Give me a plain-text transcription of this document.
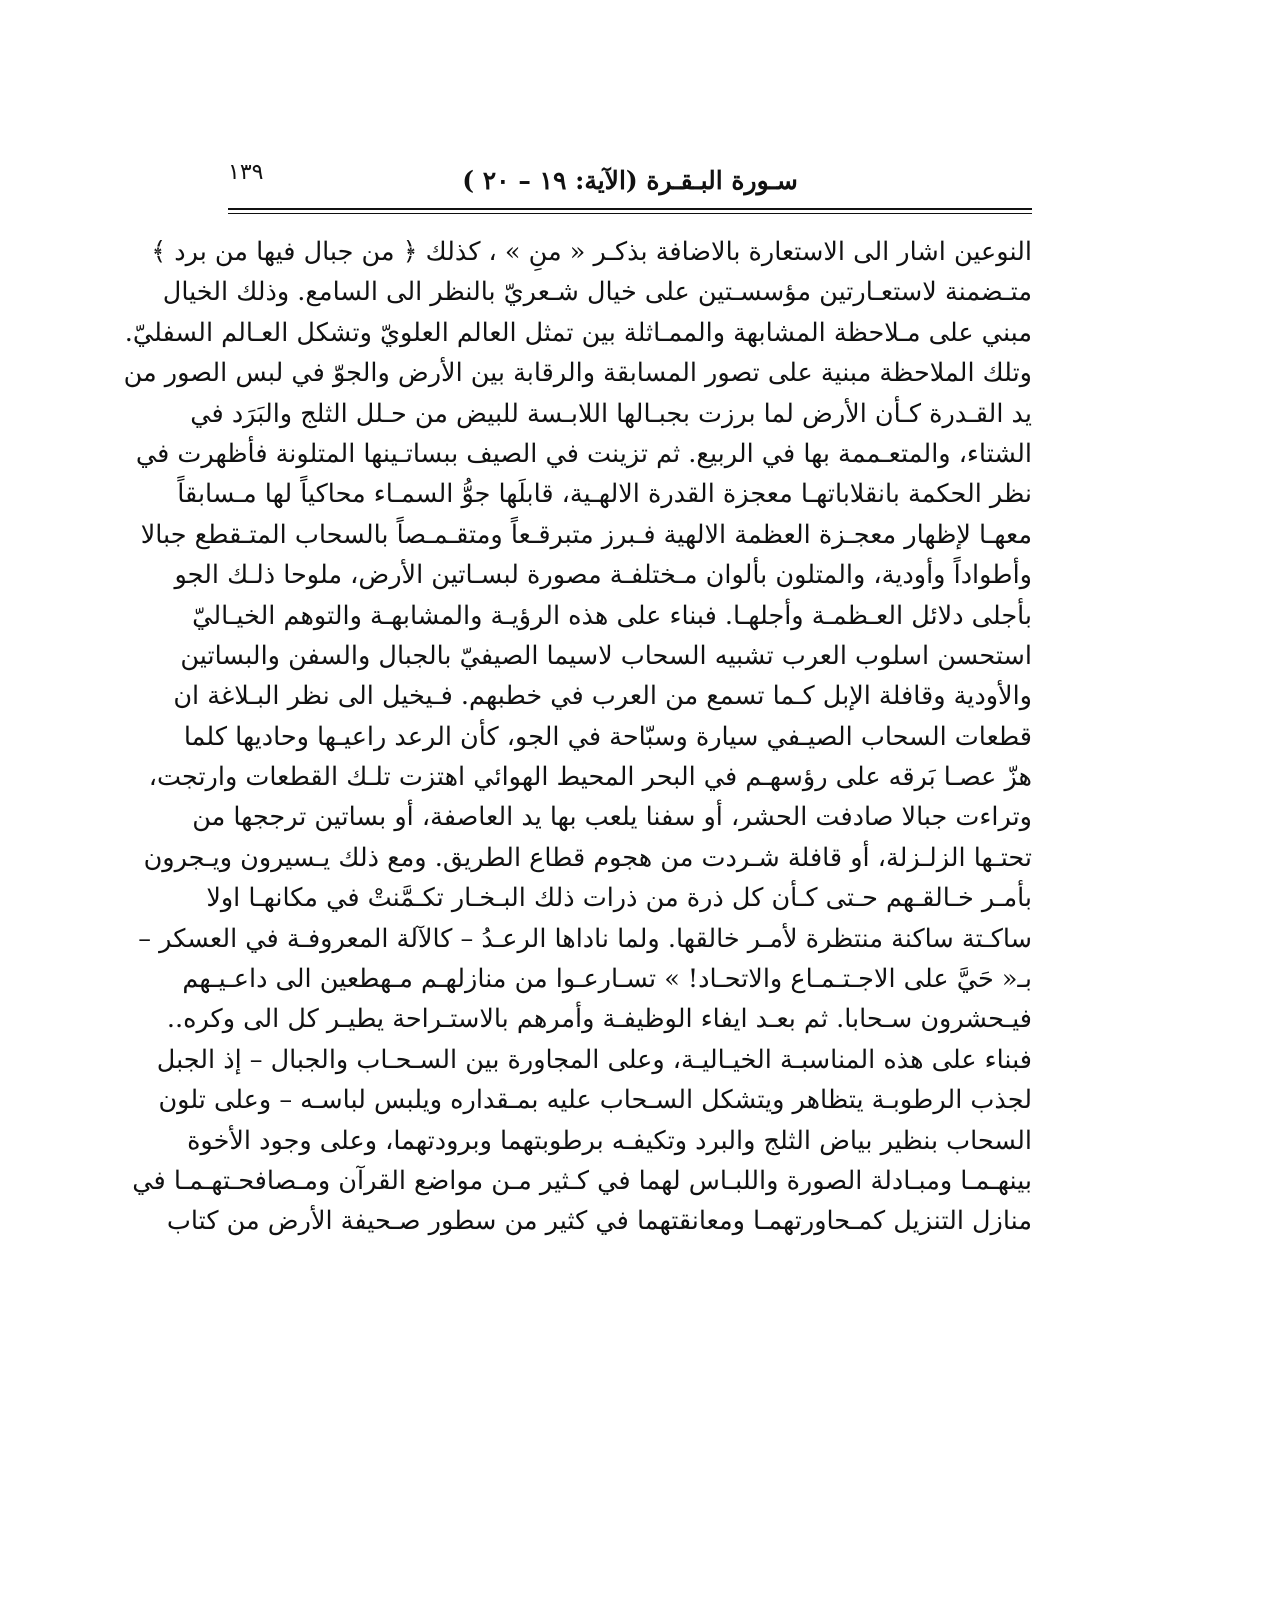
١٣٩	سـورة البـقـرة (الآية: ١٩ – ٢٠ )
النوعين اشار الى الاستعارة بالاضافة بذكـر « منِ » ، كذلك ﴿ من جبال فيها من برد ﴾
متـضمنة لاستعـارتين مؤسسـتين على خيال شـعريّ بالنظر الى السامع. وذلك الخيال
مبني على مـلاحظة المشابهة والممـاثلة بين تمثل العالم العلويّ وتشكل العـالم السفليّ.
وتلك الملاحظة مبنية على تصور المسابقة والرقابة بين الأرض والجوّ في لبس الصور من
يد القـدرة كـأن الأرض لما برزت بجبـالها اللابـسة للبيض من حـلل الثلج والبَرَد في
الشتاء، والمتعـممة بها في الربيع. ثم تزينت في الصيف ببساتـينها المتلونة فأظهرت في
نظر الحكمة بانقلاباتهـا معجزة القدرة الالهـية، قابلَها جوُّ السمـاء محاكياً لها مـسابقاً
معهـا لإظهار معجـزة العظمة الالهية فـبرز متبرقـعاً ومتقـمـصاً بالسحاب المتـقطع جبالا
وأطواداً وأودية، والمتلون بألوان مـختلفـة مصورة لبسـاتين الأرض، ملوحا ذلـك الجو
بأجلى دلائل العـظمـة وأجلهـا. فبناء على هذه الرؤيـة والمشابهـة والتوهم الخيـاليّ
استحسن اسلوب العرب تشبيه السحاب لاسيما الصيفيّ بالجبال والسفن والبساتين
والأودية وقافلة الإبل كـما تسمع من العرب في خطبهم. فـيخيل الى نظر البـلاغة ان
قطعات السحاب الصيـفي سيارة وسبّاحة في الجو، كأن الرعد راعيـها وحاديها كلما
هزّ عصـا بَرقه على رؤسهـم في البحر المحيط الهوائي اهتزت تلـك القطعات وارتجت،
وتراءت جبالا صادفت الحشر، أو سفنا يلعب بها يد العاصفة، أو بساتين ترججها من
تحتـها الزلـزلة، أو قافلة شـردت من هجوم قطاع الطريق. ومع ذلك يـسيرون ويـجرون
بأمـر خـالقـهم حـتى كـأن كل ذرة من ذرات ذلك البـخـار تكـمَّنتْ في مكانهـا اولا
ساكـتة ساكنة منتظرة لأمـر خالقها. ولما ناداها الرعـدُ – كالآلة المعروفـة في العسكر –
بـ« حَيَّ على الاجـتـمـاع والاتحـاد! » تسـارعـوا من منازلهـم مـهطعين الى داعـيـهم
فيـحشرون سـحابا. ثم بعـد ايفاء الوظيفـة وأمرهم بالاستـراحة يطيـر كل الى وكره..
فبناء على هذه المناسبـة الخيـاليـة، وعلى المجاورة بين السـحـاب والجبال – إذ الجبل
لجذب الرطوبـة يتظاهر ويتشكل السـحاب عليه بمـقداره ويلبس لباسـه – وعلى تلون
السحاب بنظير بياض الثلج والبرد وتكيفـه برطوبتهما وبرودتهما، وعلى وجود الأخوة
بينهـمـا ومبـادلة الصورة واللبـاس لهما في كـثير مـن مواضع القرآن ومـصافحـتهـمـا في
منازل التنزيل كمـحاورتهمـا ومعانقتهما في كثير من سطور صـحيفة الأرض من كتاب
